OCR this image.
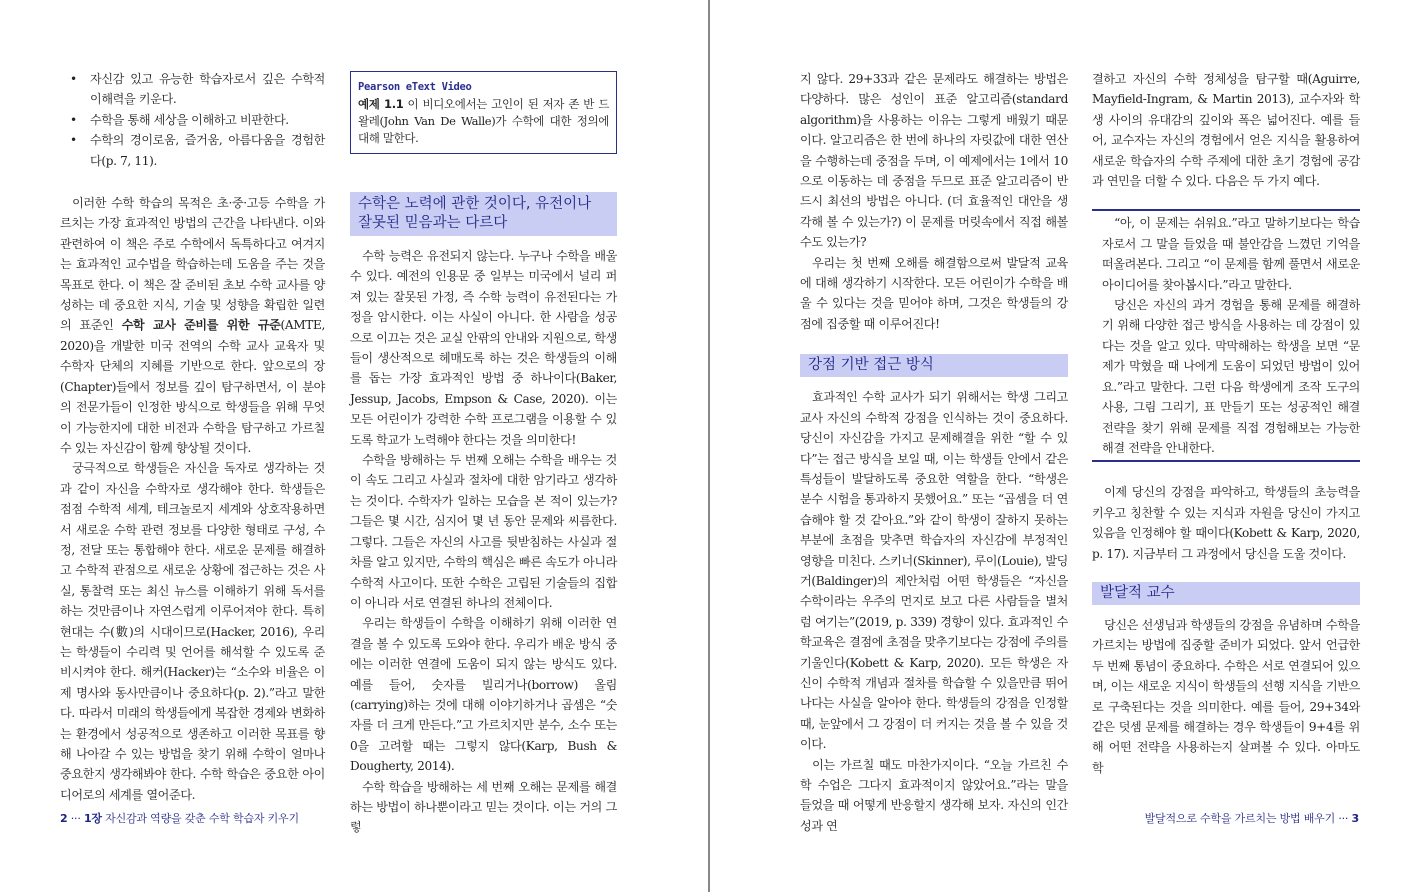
• 자신감 있고 유능한 학습자로서 깊은 수학적 이해력을 키운다.
• 수학을 통해 세상을 이해하고 비판한다.
• 수학의 경이로움, 즐거움, 아름다움을 경험한다(p. 7, 11).

이러한 수학 학습의 목적은 초·중·고등 수학을 가르치는 가장 효과적인 방법의 근간을 나타낸다. 이와 관련하여 이 책은 주로 수학에서 독특하다고 여겨지는 효과적인 교수법을 학습하는데 도움을 주는 것을 목표로 한다. 이 책은 잘 준비된 초보 수학 교사를 양성하는 데 중요한 지식, 기술 및 성향을 확립한 일련의 표준인 수학 교사 준비를 위한 규준(AMTE, 2020)을 개발한 미국 전역의 수학 교사 교육자 및 수학자 단체의 지혜를 기반으로 한다. 앞으로의 장(Chapter)들에서 정보를 깊이 탐구하면서, 이 분야의 전문가들이 인정한 방식으로 학생들을 위해 무엇이 가능한지에 대한 비전과 수학을 탐구하고 가르칠 수 있는 자신감이 함께 향상될 것이다.

궁극적으로 학생들은 자신을 독자로 생각하는 것과 같이 자신을 수학자로 생각해야 한다. 학생들은 점점 수학적 세계, 테크놀로지 세계와 상호작용하면서 새로운 수학 관련 정보를 다양한 형태로 구성, 수정, 전달 또는 통합해야 한다. 새로운 문제를 해결하고 수학적 관점으로 새로운 상황에 접근하는 것은 사실, 통찰력 또는 최신 뉴스를 이해하기 위해 독서를 하는 것만큼이나 자연스럽게 이루어져야 한다. 특히 현대는 수(數)의 시대이므로(Hacker, 2016), 우리는 학생들이 수리력 및 언어를 해석할 수 있도록 준비시켜야 한다. 해커(Hacker)는 “소수와 비율은 이제 명사와 동사만큼이나 중요하다(p. 2).”라고 말한다. 따라서 미래의 학생들에게 복잡한 경제와 변화하는 환경에서 성공적으로 생존하고 이러한 목표를 향해 나아갈 수 있는 방법을 찾기 위해 수학이 얼마나 중요한지 생각해봐야 한다. 수학 학습은 중요한 아이디어로의 세계를 열어준다.

Pearson eText Video
예제 1.1 이 비디오에서는 고인이 된 저자 존 반 드왈레(John Van De Walle)가 수학에 대한 정의에 대해 말한다.
수학은 노력에 관한 것이다, 유전이나 잘못된 믿음과는 다르다

수학 능력은 유전되지 않는다. 누구나 수학을 배울 수 있다. 예전의 인용문 중 일부는 미국에서 널리 퍼져 있는 잘못된 가정, 즉 수학 능력이 유전된다는 가정을 암시한다. 이는 사실이 아니다. 한 사람을 성공으로 이끄는 것은 교실 안팎의 안내와 지원으로, 학생들이 생산적으로 헤매도록 하는 것은 학생들의 이해를 돕는 가장 효과적인 방법 중 하나이다(Baker, Jessup, Jacobs, Empson & Case, 2020). 이는 모든 어린이가 강력한 수학 프로그램을 이용할 수 있도록 학교가 노력해야 한다는 것을 의미한다!

수학을 방해하는 두 번째 오해는 수학을 배우는 것이 속도 그리고 사실과 절차에 대한 암기라고 생각하는 것이다. 수학자가 일하는 모습을 본 적이 있는가? 그들은 몇 시간, 심지어 몇 년 동안 문제와 씨름한다. 그렇다. 그들은 자신의 사고를 뒷받침하는 사실과 절차를 알고 있지만, 수학의 핵심은 빠른 속도가 아니라 수학적 사고이다. 또한 수학은 고립된 기술들의 집합이 아니라 서로 연결된 하나의 전체이다.

우리는 학생들이 수학을 이해하기 위해 이러한 연결을 볼 수 있도록 도와야 한다. 우리가 배운 방식 중에는 이러한 연결에 도움이 되지 않는 방식도 있다. 예를 들어, 숫자를 빌리거나(borrow) 올림(carrying)하는 것에 대해 이야기하거나 곱셈은 “숫자를 더 크게 만든다.”고 가르치지만 분수, 소수 또는 0을 고려할 때는 그렇지 않다(Karp, Bush & Dougherty, 2014).

수학 학습을 방해하는 세 번째 오해는 문제를 해결하는 방법이 하나뿐이라고 믿는 것이다. 이는 거의 그렇

2 ··· 1장 자신감과 역량을 갖춘 수학 학습자 키우기

지 않다. 29+33과 같은 문제라도 해결하는 방법은 다양하다. 많은 성인이 표준 알고리즘(standard algorithm)을 사용하는 이유는 그렇게 배웠기 때문이다. 알고리즘은 한 번에 하나의 자릿값에 대한 연산을 수행하는데 중점을 두며, 이 예제에서는 1에서 10으로 이동하는 데 중점을 두므로 표준 알고리즘이 반드시 최선의 방법은 아니다. (더 효율적인 대안을 생각해 볼 수 있는가?) 이 문제를 머릿속에서 직접 해볼 수도 있는가?

우리는 첫 번째 오해를 해결함으로써 발달적 교육에 대해 생각하기 시작한다. 모든 어린이가 수학을 배울 수 있다는 것을 믿어야 하며, 그것은 학생들의 강점에 집중할 때 이루어진다!

강점 기반 접근 방식

효과적인 수학 교사가 되기 위해서는 학생 그리고 교사 자신의 수학적 강점을 인식하는 것이 중요하다. 당신이 자신감을 가지고 문제해결을 위한 “할 수 있다”는 접근 방식을 보일 때, 이는 학생들 안에서 같은 특성들이 발달하도록 중요한 역할을 한다. “학생은 분수 시험을 통과하지 못했어요.” 또는 “곱셈을 더 연습해야 할 것 같아요.”와 같이 학생이 잘하지 못하는 부분에 초점을 맞추면 학습자의 자신감에 부정적인 영향을 미친다. 스키너(Skinner), 루이(Louie), 발딩거(Baldinger)의 제안처럼 어떤 학생들은 “자신을 수학이라는 우주의 먼지로 보고 다른 사람들을 별처럼 여기는”(2019, p. 339) 경향이 있다. 효과적인 수학교육은 결점에 초점을 맞추기보다는 강점에 주의를 기울인다(Kobett & Karp, 2020). 모든 학생은 자신이 수학적 개념과 절차를 학습할 수 있을만큼 뛰어나다는 사실을 알아야 한다. 학생들의 강점을 인정할 때, 눈앞에서 그 강점이 더 커지는 것을 볼 수 있을 것이다.

이는 가르칠 때도 마찬가지이다. “오늘 가르친 수학 수업은 그다지 효과적이지 않았어요.”라는 말을 들었을 때 어떻게 반응할지 생각해 보자. 자신의 인간성과 연

결하고 자신의 수학 정체성을 탐구할 때(Aguirre, Mayfield-Ingram, & Martin 2013), 교수자와 학생 사이의 유대감의 깊이와 폭은 넓어진다. 예를 들어, 교수자는 자신의 경험에서 얻은 지식을 활용하여 새로운 학습자의 수학 주제에 대한 초기 경험에 공감과 연민을 더할 수 있다. 다음은 두 가지 예다.

“아, 이 문제는 쉬워요.”라고 말하기보다는 학습자로서 그 말을 들었을 때 불안감을 느꼈던 기억을 떠올려본다. 그리고 “이 문제를 함께 풀면서 새로운 아이디어를 찾아봅시다.”라고 말한다.

당신은 자신의 과거 경험을 통해 문제를 해결하기 위해 다양한 접근 방식을 사용하는 데 강점이 있다는 것을 알고 있다. 막막해하는 학생을 보면 “문제가 막혔을 때 나에게 도움이 되었던 방법이 있어요.”라고 말한다. 그런 다음 학생에게 조작 도구의 사용, 그림 그리기, 표 만들기 또는 성공적인 해결 전략을 찾기 위해 문제를 직접 경험해보는 가능한 해결 전략을 안내한다.

이제 당신의 강점을 파악하고, 학생들의 초능력을 키우고 칭찬할 수 있는 지식과 자원을 당신이 가지고 있음을 인정해야 할 때이다(Kobett & Karp, 2020, p. 17). 지금부터 그 과정에서 당신을 도울 것이다.

발달적 교수

당신은 선생님과 학생들의 강점을 유념하며 수학을 가르치는 방법에 집중할 준비가 되었다. 앞서 언급한 두 번째 통념이 중요하다. 수학은 서로 연결되어 있으며, 이는 새로운 지식이 학생들의 선행 지식을 기반으로 구축된다는 것을 의미한다. 예를 들어, 29+34와 같은 덧셈 문제를 해결하는 경우 학생들이 9+4를 위해 어떤 전략을 사용하는지 살펴볼 수 있다. 아마도 학

발달적으로 수학을 가르치는 방법 배우기 ··· 3
